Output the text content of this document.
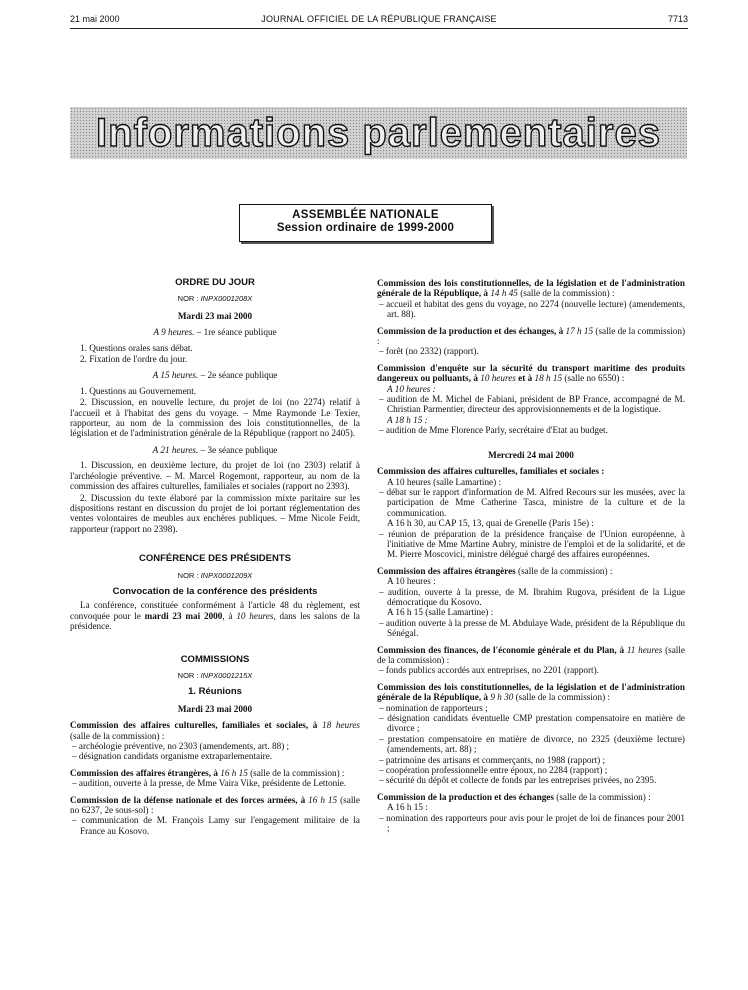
21 mai 2000	JOURNAL OFFICIEL DE LA RÉPUBLIQUE FRANÇAISE	7713
Informations parlementaires
ASSEMBLÉE NATIONALE
Session ordinaire de 1999-2000
ORDRE DU JOUR
NOR : INPX0001208X
Mardi 23 mai 2000
A 9 heures. – 1re séance publique
1. Questions orales sans débat.
2. Fixation de l'ordre du jour.
A 15 heures. – 2e séance publique
1. Questions au Gouvernement.
2. Discussion, en nouvelle lecture, du projet de loi (no 2274) relatif à l'accueil et à l'habitat des gens du voyage. – Mme Raymonde Le Texier, rapporteur, au nom de la commission des lois constitutionnelles, de la législation et de l'administration générale de la République (rapport no 2405).
A 21 heures. – 3e séance publique
1. Discussion, en deuxième lecture, du projet de loi (no 2303) relatif à l'archéologie préventive. – M. Marcel Rogemont, rapporteur, au nom de la commission des affaires culturelles, familiales et sociales (rapport no 2393).
2. Discussion du texte élaboré par la commission mixte paritaire sur les dispositions restant en discussion du projet de loi portant réglementation des ventes volontaires de meubles aux enchères publiques. – Mme Nicole Feidt, rapporteur (rapport no 2398).
CONFÉRENCE DES PRÉSIDENTS
NOR : INPX0001209X
Convocation de la conférence des présidents
La conférence, constituée conformément à l'article 48 du règlement, est convoquée pour le mardi 23 mai 2000, à 10 heures, dans les salons de la présidence.
COMMISSIONS
NOR : INPX0001215X
1. Réunions
Mardi 23 mai 2000
Commission des affaires culturelles, familiales et sociales, à 18 heures (salle de la commission) :
– archéologie préventive, no 2303 (amendements, art. 88) ;
– désignation candidats organisme extraparlementaire.
Commission des affaires étrangères, à 16 h 15 (salle de la commission) :
– audition, ouverte à la presse, de Mme Vaira Vike, présidente de Lettonie.
Commission de la défense nationale et des forces armées, à 16 h 15 (salle no 6237, 2e sous-sol) :
– communication de M. François Lamy sur l'engagement militaire de la France au Kosovo.
Commission des lois constitutionnelles, de la législation et de l'administration générale de la République, à 14 h 45 (salle de la commission) :
– accueil et habitat des gens du voyage, no 2274 (nouvelle lecture) (amendements, art. 88).
Commission de la production et des échanges, à 17 h 15 (salle de la commission) :
– forêt (no 2332) (rapport).
Commission d'enquête sur la sécurité du transport maritime des produits dangereux ou polluants, à 10 heures et à 18 h 15 (salle no 6550) :
A 10 heures :
– audition de M. Michel de Fabiani, président de BP France, accompagné de M. Christian Parmentier, directeur des approvisionnements et de la logistique.
A 18 h 15 :
– audition de Mme Florence Parly, secrétaire d'Etat au budget.
Mercredi 24 mai 2000
Commission des affaires culturelles, familiales et sociales :
A 10 heures (salle Lamartine) :
– débat sur le rapport d'information de M. Alfred Recours sur les musées, avec la participation de Mme Catherine Tasca, ministre de la culture et de la communication.
A 16 h 30, au CAP 15, 13, quai de Grenelle (Paris 15e) :
– réunion de préparation de la présidence française de l'Union européenne, à l'initiative de Mme Martine Aubry, ministre de l'emploi et de la solidarité, et de M. Pierre Moscovici, ministre délégué chargé des affaires européennes.
Commission des affaires étrangères (salle de la commission) :
A 10 heures :
– audition, ouverte à la presse, de M. Ibrahim Rugova, président de la Ligue démocratique du Kosovo.
A 16 h 15 (salle Lamartine) :
– audition ouverte à la presse de M. Abdulaye Wade, président de la République du Sénégal.
Commission des finances, de l'économie générale et du Plan, à 11 heures (salle de la commission) :
– fonds publics accordés aux entreprises, no 2201 (rapport).
Commission des lois constitutionnelles, de la législation et de l'administration générale de la République, à 9 h 30 (salle de la commission) :
– nomination de rapporteurs ;
– désignation candidats éventuelle CMP prestation compensatoire en matière de divorce ;
– prestation compensatoire en matière de divorce, no 2325 (deuxième lecture) (amendements, art. 88) ;
– patrimoine des artisans et commerçants, no 1988 (rapport) ;
– coopération professionnelle entre époux, no 2284 (rapport) ;
– sécurité du dépôt et collecte de fonds par les entreprises privées, no 2395.
Commission de la production et des échanges (salle de la commission) :
A 16 h 15 :
– nomination des rapporteurs pour avis pour le projet de loi de finances pour 2001 ;
